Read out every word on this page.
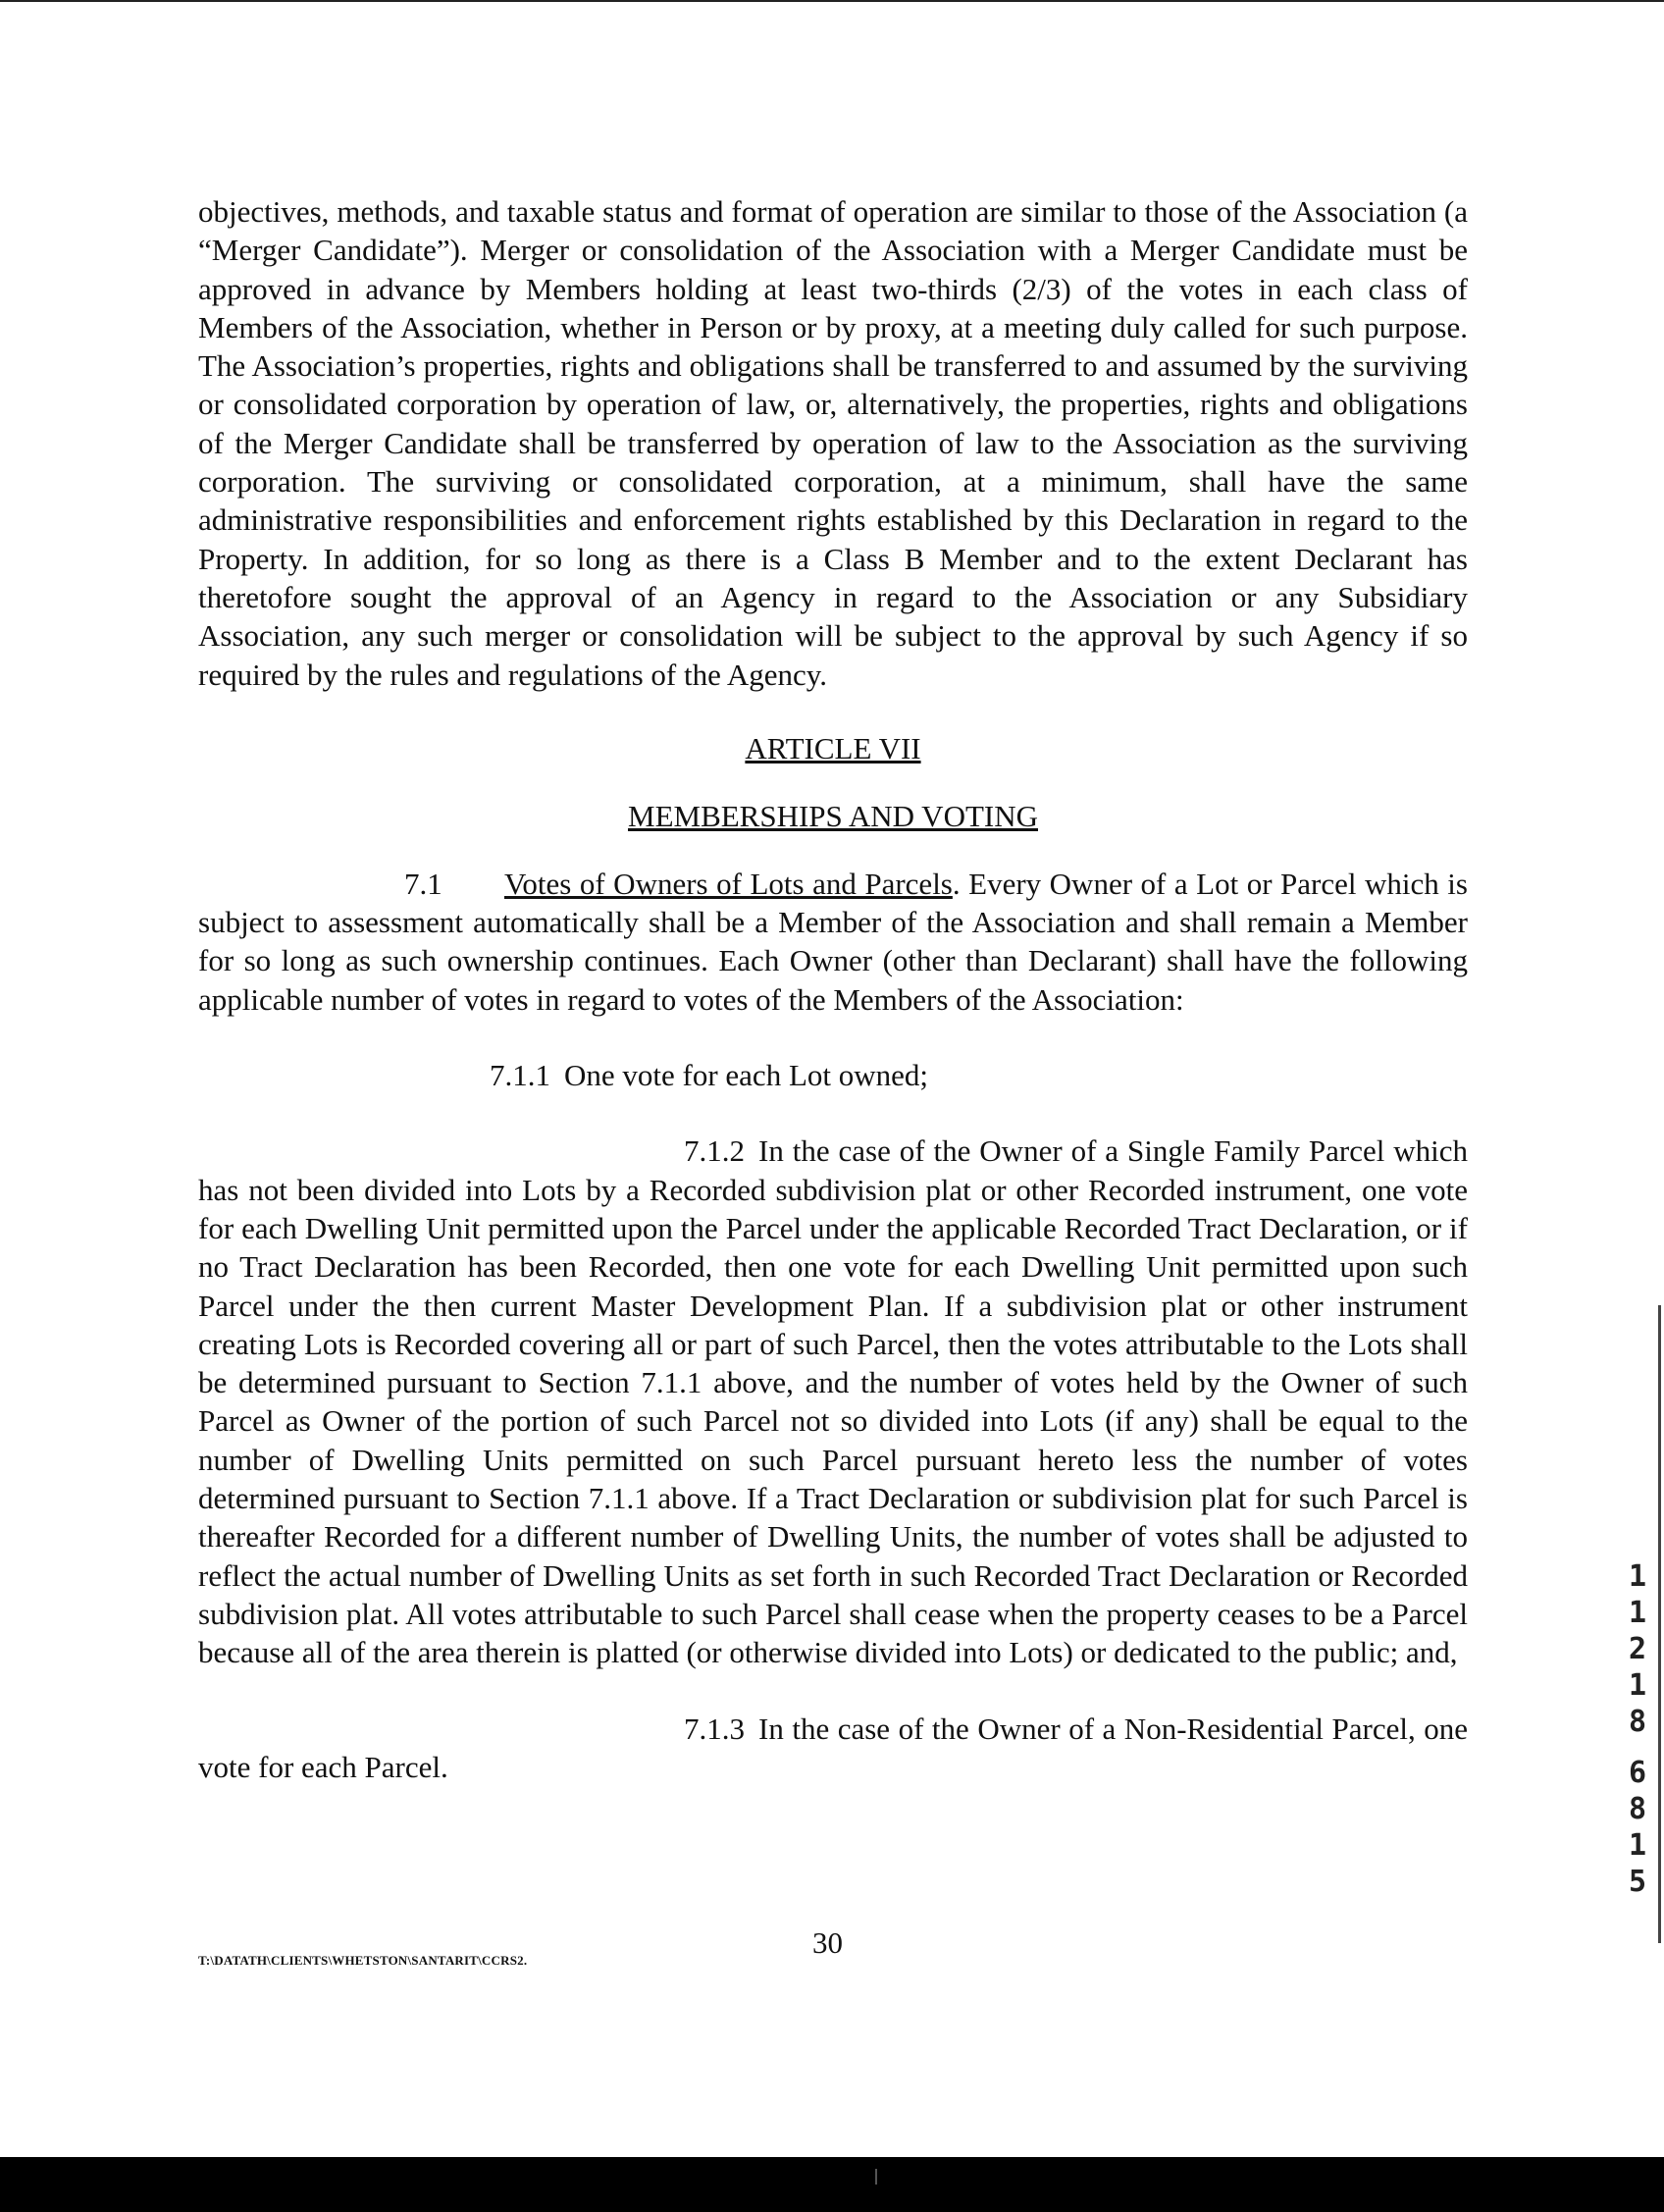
objectives, methods, and taxable status and format of operation are similar to those of the Association (a “Merger Candidate”). Merger or consolidation of the Association with a Merger Candidate must be approved in advance by Members holding at least two-thirds (2/3) of the votes in each class of Members of the Association, whether in Person or by proxy, at a meeting duly called for such purpose. The Association’s properties, rights and obligations shall be transferred to and assumed by the surviving or consolidated corporation by operation of law, or, alternatively, the properties, rights and obligations of the Merger Candidate shall be transferred by operation of law to the Association as the surviving corporation. The surviving or consolidated corporation, at a minimum, shall have the same administrative responsibilities and enforcement rights established by this Declaration in regard to the Property. In addition, for so long as there is a Class B Member and to the extent Declarant has theretofore sought the approval of an Agency in regard to the Association or any Subsidiary Association, any such merger or consolidation will be subject to the approval by such Agency if so required by the rules and regulations of the Agency.

ARTICLE VII

MEMBERSHIPS AND VOTING

7.1 Votes of Owners of Lots and Parcels. Every Owner of a Lot or Parcel which is subject to assessment automatically shall be a Member of the Association and shall remain a Member for so long as such ownership continues. Each Owner (other than Declarant) shall have the following applicable number of votes in regard to votes of the Members of the Association:

7.1.1 One vote for each Lot owned;

7.1.2 In the case of the Owner of a Single Family Parcel which has not been divided into Lots by a Recorded subdivision plat or other Recorded instrument, one vote for each Dwelling Unit permitted upon the Parcel under the applicable Recorded Tract Declaration, or if no Tract Declaration has been Recorded, then one vote for each Dwelling Unit permitted upon such Parcel under the then current Master Development Plan. If a subdivision plat or other instrument creating Lots is Recorded covering all or part of such Parcel, then the votes attributable to the Lots shall be determined pursuant to Section 7.1.1 above, and the number of votes held by the Owner of such Parcel as Owner of the portion of such Parcel not so divided into Lots (if any) shall be equal to the number of Dwelling Units permitted on such Parcel pursuant hereto less the number of votes determined pursuant to Section 7.1.1 above. If a Tract Declaration or subdivision plat for such Parcel is thereafter Recorded for a different number of Dwelling Units, the number of votes shall be adjusted to reflect the actual number of Dwelling Units as set forth in such Recorded Tract Declaration or Recorded subdivision plat. All votes attributable to such Parcel shall cease when the property ceases to be a Parcel because all of the area therein is platted (or otherwise divided into Lots) or dedicated to the public; and,

7.1.3 In the case of the Owner of a Non-Residential Parcel, one vote for each Parcel.

T:\DATATH\CLIENTS\WHETSTON\SANTARIT\CCRS2.
30
1
1
2
1
8
6
8
1
5
